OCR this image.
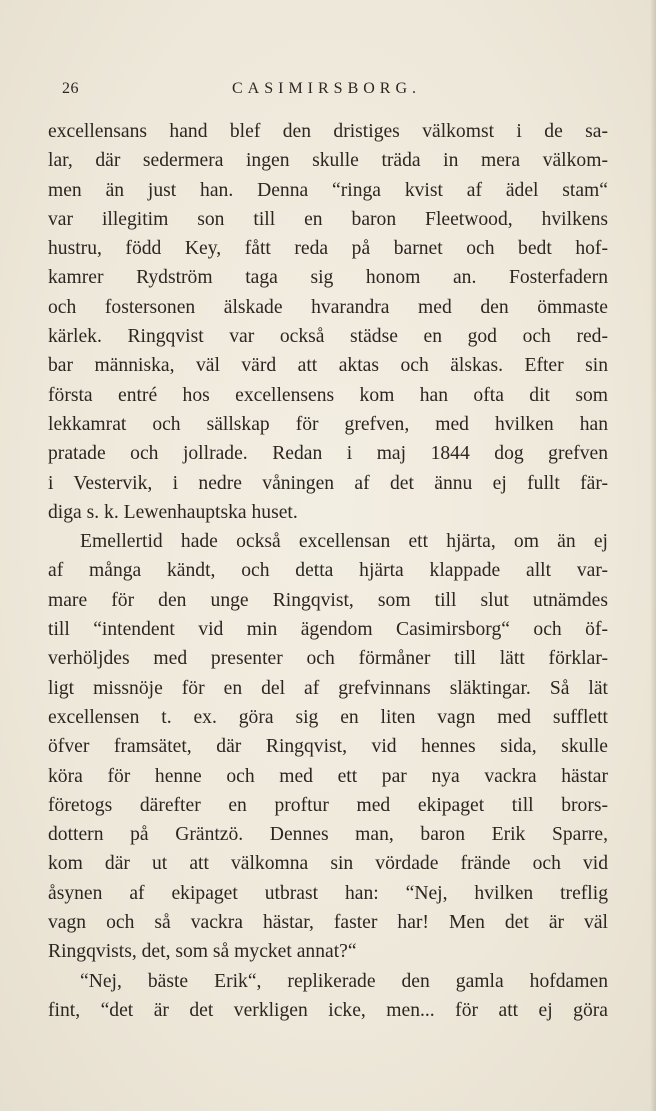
26	CASIMIRSBORG.
excellensans hand blef den dristiges välkomst i de sa-
lar, där sedermera ingen skulle träda in mera välkom-
men än just han. Denna “ringa kvist af ädel stam“
var illegitim son till en baron Fleetwood, hvilkens
hustru, född Key, fått reda på barnet och bedt hof-
kamrer Rydström taga sig honom an. Fosterfadern
och fostersonen älskade hvarandra med den ömmaste
kärlek. Ringqvist var också städse en god och red-
bar människa, väl värd att aktas och älskas. Efter sin
första entré hos excellensens kom han ofta dit som
lekkamrat och sällskap för grefven, med hvilken han
pratade och jollrade. Redan i maj 1844 dog grefven
i Vestervik, i nedre våningen af det ännu ej fullt fär-
diga s. k. Lewenhauptska huset.
Emellertid hade också excellensan ett hjärta, om än ej
af många kändt, och detta hjärta klappade allt var-
mare för den unge Ringqvist, som till slut utnämdes
till “intendent vid min ägendom Casimirsborg“ och öf-
verhöljdes med presenter och förmåner till lätt förklar-
ligt missnöje för en del af grefvinnans släktingar. Så lät
excellensen t. ex. göra sig en liten vagn med sufflett
öfver framsätet, där Ringqvist, vid hennes sida, skulle
köra för henne och med ett par nya vackra hästar
företogs därefter en proftur med ekipaget till brors-
dottern på Gräntzö. Dennes man, baron Erik Sparre,
kom där ut att välkomna sin vördade frände och vid
åsynen af ekipaget utbrast han: “Nej, hvilken treflig
vagn och så vackra hästar, faster har! Men det är väl
Ringqvists, det, som så mycket annat?“
“Nej, bäste Erik“, replikerade den gamla hofdamen
fint, “det är det verkligen icke, men... för att ej göra
